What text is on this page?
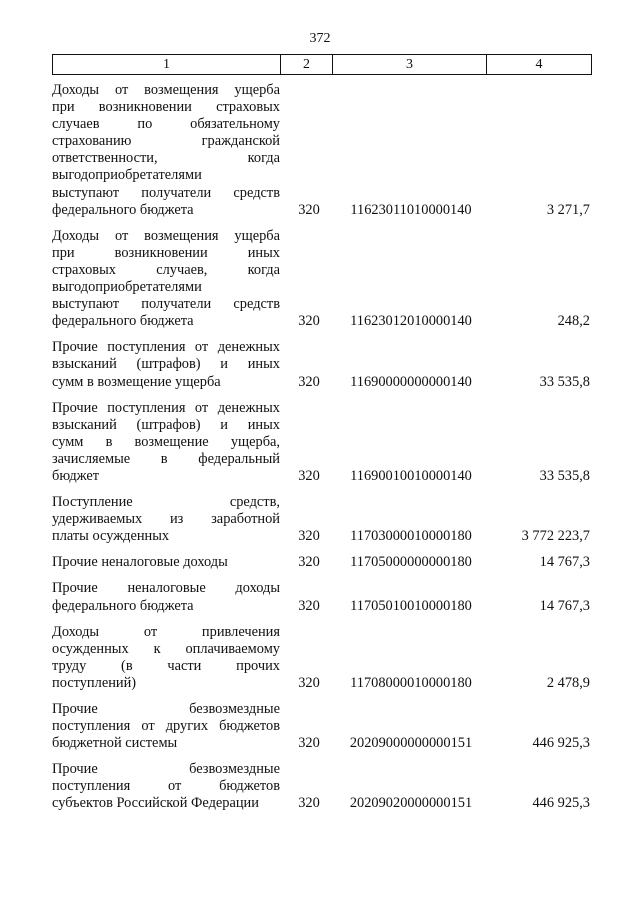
372
1	2	3	4
Доходы от возмещения ущерба
при возникновении страховых
случаев по обязательному
страхованию гражданской
ответственности, когда
выгодоприобретателями
выступают получатели средств
федерального бюджета	320	11623011010000140	3 271,7
Доходы от возмещения ущерба
при возникновении иных
страховых случаев, когда
выгодоприобретателями
выступают получатели средств
федерального бюджета	320	11623012010000140	248,2
Прочие поступления от денежных
взысканий (штрафов) и иных
сумм в возмещение ущерба	320	11690000000000140	33 535,8
Прочие поступления от денежных
взысканий (штрафов) и иных
сумм в возмещение ущерба,
зачисляемые в федеральный
бюджет	320	11690010010000140	33 535,8
Поступление средств,
удерживаемых из заработной
платы осужденных	320	11703000010000180	3 772 223,7
Прочие неналоговые доходы	320	11705000000000180	14 767,3
Прочие неналоговые доходы
федерального бюджета	320	11705010010000180	14 767,3
Доходы от привлечения
осужденных к оплачиваемому
труду (в части прочих
поступлений)	320	11708000010000180	2 478,9
Прочие безвозмездные
поступления от других бюджетов
бюджетной системы	320	20209000000000151	446 925,3
Прочие безвозмездные
поступления от бюджетов
субъектов Российской Федерации	320	20209020000000151	446 925,3
